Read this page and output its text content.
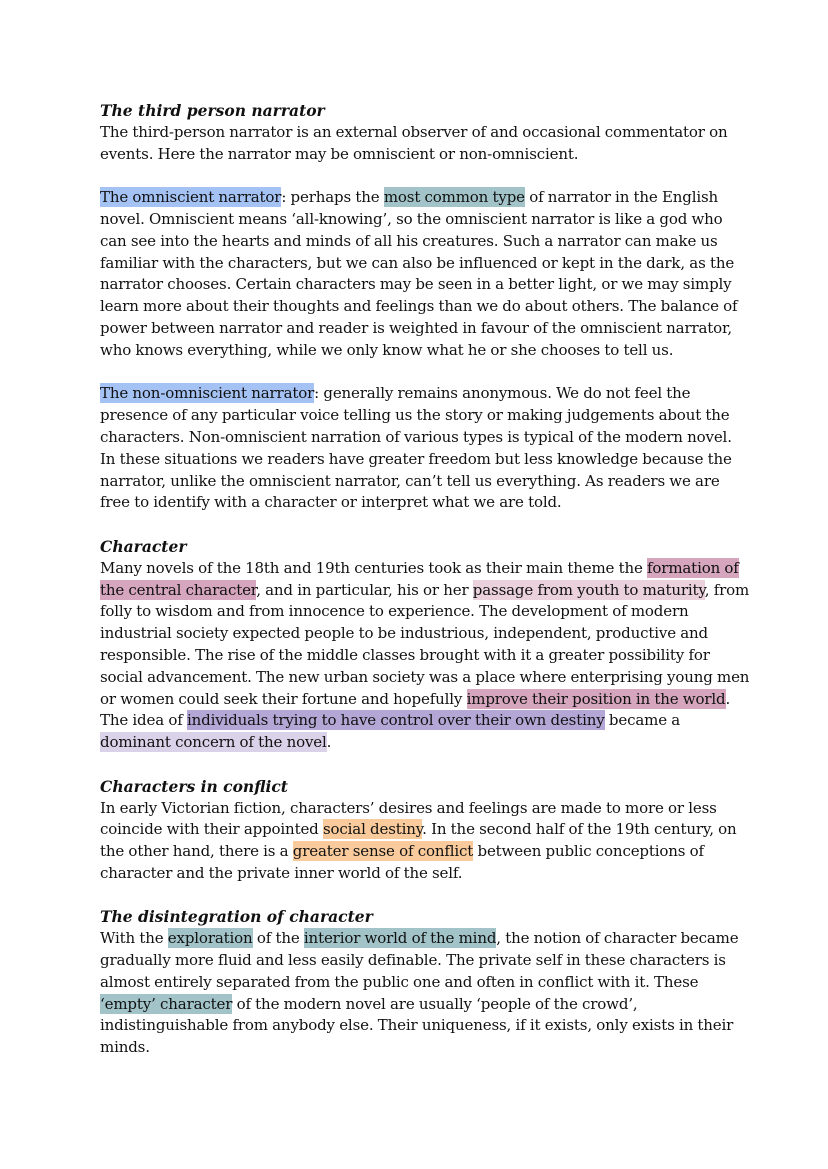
The third person narrator

The third-person narrator is an external observer of and occasional commentator on events. Here the narrator may be omniscient or non-omniscient.

The omniscient narrator: perhaps the most common type of narrator in the English novel. Omniscient means ‘all-knowing’, so the omniscient narrator is like a god who can see into the hearts and minds of all his creatures. Such a narrator can make us familiar with the characters, but we can also be influenced or kept in the dark, as the narrator chooses. Certain characters may be seen in a better light, or we may simply learn more about their thoughts and feelings than we do about others. The balance of power between narrator and reader is weighted in favour of the omniscient narrator, who knows everything, while we only know what he or she chooses to tell us.

The non-omniscient narrator: generally remains anonymous. We do not feel the presence of any particular voice telling us the story or making judgements about the characters. Non-omniscient narration of various types is typical of the modern novel. In these situations we readers have greater freedom but less knowledge because the narrator, unlike the omniscient narrator, can’t tell us everything. As readers we are free to identify with a character or interpret what we are told.

Character

Many novels of the 18th and 19th centuries took as their main theme the formation of the central character, and in particular, his or her passage from youth to maturity, from folly to wisdom and from innocence to experience. The development of modern industrial society expected people to be industrious, independent, productive and responsible. The rise of the middle classes brought with it a greater possibility for social advancement. The new urban society was a place where enterprising young men or women could seek their fortune and hopefully improve their position in the world. The idea of individuals trying to have control over their own destiny became a dominant concern of the novel.

Characters in conflict

In early Victorian fiction, characters’ desires and feelings are made to more or less coincide with their appointed social destiny. In the second half of the 19th century, on the other hand, there is a greater sense of conflict between public conceptions of character and the private inner world of the self.

The disintegration of character

With the exploration of the interior world of the mind, the notion of character became gradually more fluid and less easily definable. The private self in these characters is almost entirely separated from the public one and often in conflict with it. These ‘empty’ character of the modern novel are usually ‘people of the crowd’, indistinguishable from anybody else. Their uniqueness, if it exists, only exists in their minds.
